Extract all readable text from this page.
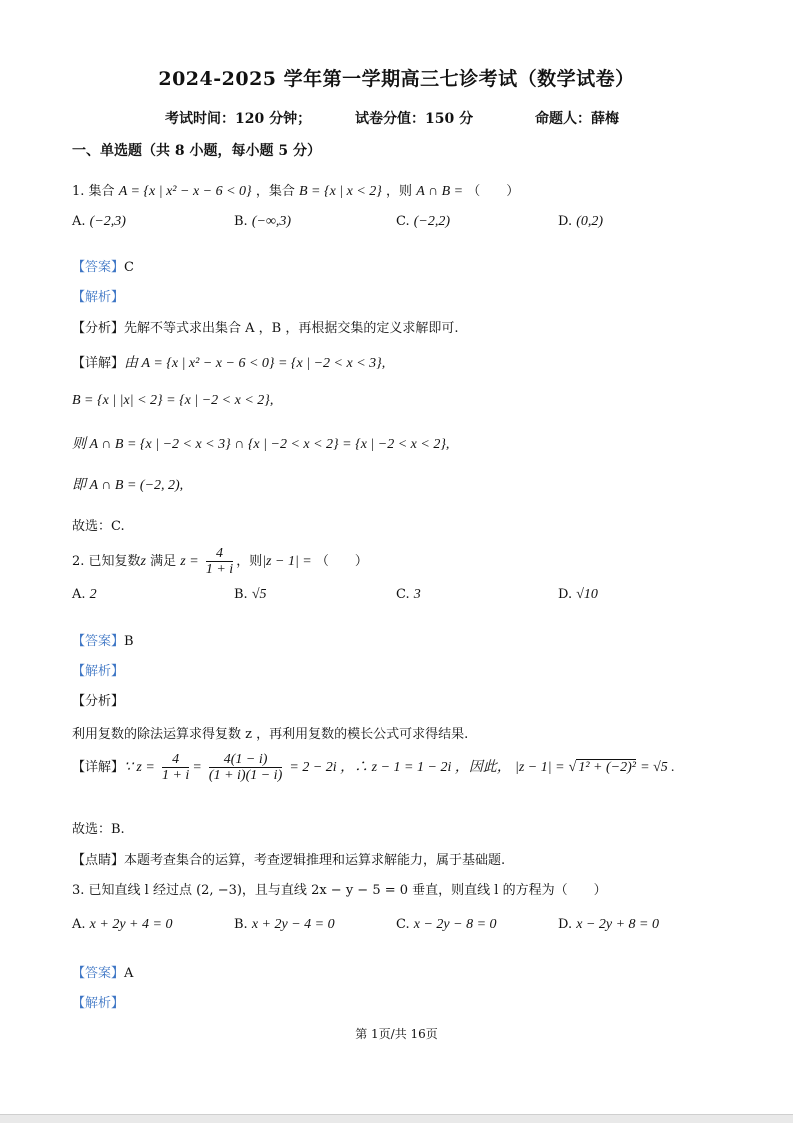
2024-2025 学年第一学期高三七诊考试（数学试卷）
考试时间：120 分钟；	试卷分值：150 分	命题人：薛梅
一、单选题（共 8 小题，每小题 5 分）
1. 集合 A = {x | x² − x − 6 < 0} ，集合 B = {x | x < 2} ，则 A ∩ B = （　　）
A. (−2,3)	B. (−∞,3)	C. (−2,2)	D. (0,2)
【答案】C
【解析】
【分析】先解不等式求出集合 A ，B ，再根据交集的定义求解即可.
【详解】由 A = {x | x² − x − 6 < 0} = {x | −2 < x < 3},
B = {x | |x| < 2} = {x | −2 < x < 2},
则 A ∩ B = {x | −2 < x < 3} ∩ {x | −2 < x < 2} = {x | −2 < x < 2},
即 A ∩ B = (−2, 2),
故选：C.
2. 已知复数z 满足 $z = \frac{4}{1 + i}$ ，则|z − 1| = （　　）
A. 2	B. √5	C. 3	D. √10
【答案】B
【解析】
【分析】
利用复数的除法运算求得复数 z ，再利用复数的模长公式可求得结果.
【详解】∵ $z = \frac{4}{1 + i} = \frac{4(1 - i)}{(1 + i)(1 - i)} = 2 - 2i$ ，∴ z − 1 = 1 − 2i ，因此， |z − 1| = √ 1² + (−2)² = √5 .
故选：B.
【点睛】本题考查集合的运算，考查逻辑推理和运算求解能力，属于基础题.
3. 已知直线 l 经过点 (2, −3)，且与直线 2x − y − 5 = 0 垂直，则直线 l 的方程为（　　）
A. x + 2y + 4 = 0	B. x + 2y − 4 = 0	C. x − 2y − 8 = 0	D. x − 2y + 8 = 0
【答案】A
【解析】
第 1页/共 16页
